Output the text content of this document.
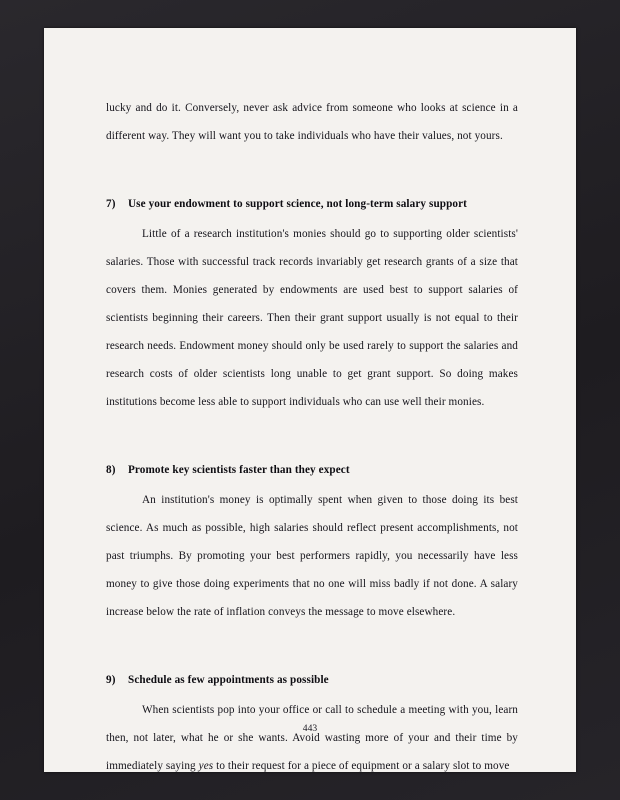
lucky and do it. Conversely, never ask advice from someone who looks at science in a different way. They will want you to take individuals who have their values, not yours.

7) Use your endowment to support science, not long-term salary support

Little of a research institution's monies should go to supporting older scientists' salaries. Those with successful track records invariably get research grants of a size that covers them. Monies generated by endowments are used best to support salaries of scientists beginning their careers. Then their grant support usually is not equal to their research needs. Endowment money should only be used rarely to support the salaries and research costs of older scientists long unable to get grant support. So doing makes institutions become less able to support individuals who can use well their monies.

8) Promote key scientists faster than they expect

An institution's money is optimally spent when given to those doing its best science. As much as possible, high salaries should reflect present accomplishments, not past triumphs. By promoting your best performers rapidly, you necessarily have less money to give those doing experiments that no one will miss badly if not done. A salary increase below the rate of inflation conveys the message to move elsewhere.

9) Schedule as few appointments as possible

When scientists pop into your office or call to schedule a meeting with you, learn then, not later, what he or she wants. Avoid wasting more of your and their time by immediately saying yes to their request for a piece of equipment or a salary slot to move

443
